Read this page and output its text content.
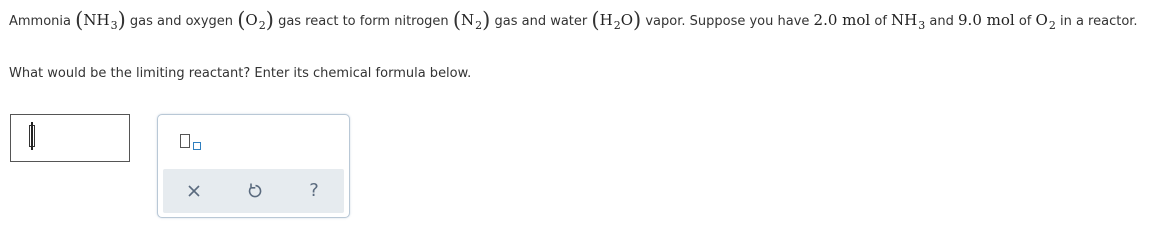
Ammonia $(NH_3)$ gas and oxygen $(O_2)$ gas react to form nitrogen $(N_2)$ gas and water $(H_2O)$ vapor. Suppose you have 2.0 mol of $NH_3$ and 9.0 mol of $O_2$ in a reactor.
What would be the limiting reactant? Enter its chemical formula below.
?
